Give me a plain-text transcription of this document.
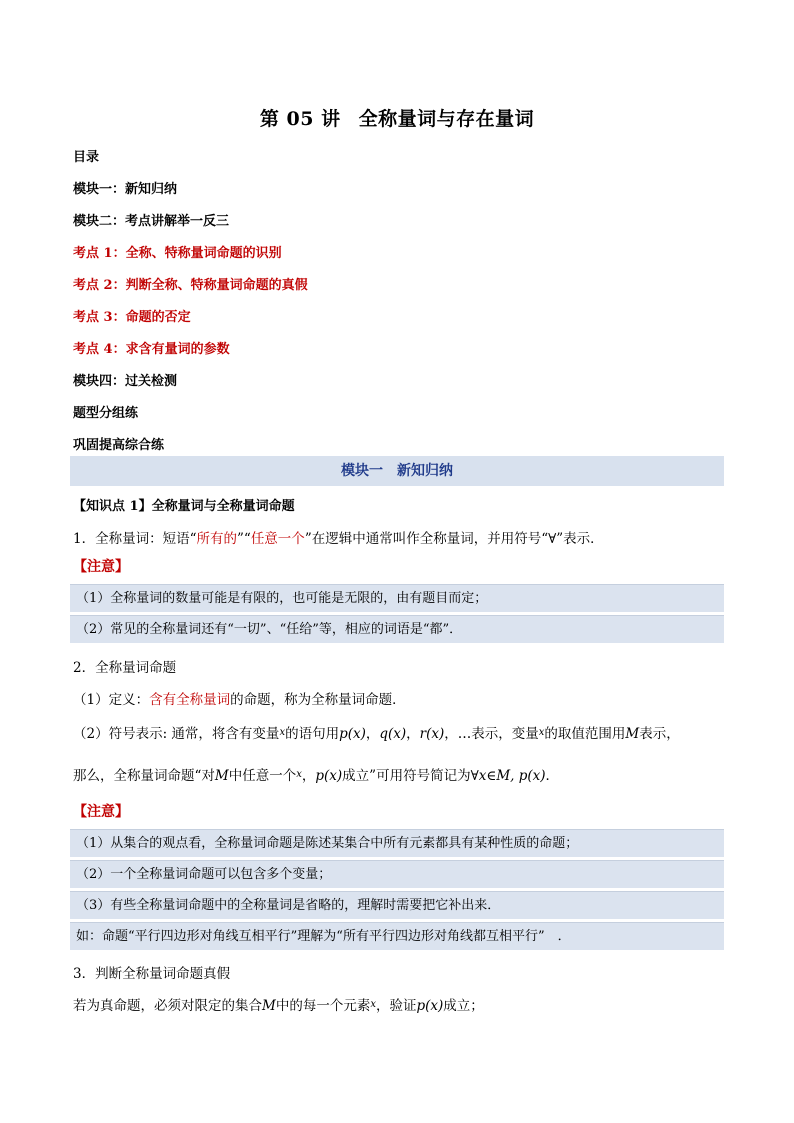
第 05 讲 全称量词与存在量词
目录
模块一：新知归纳
模块二：考点讲解举一反三
考点 1：全称、特称量词命题的识别
考点 2：判断全称、特称量词命题的真假
考点 3：命题的否定
考点 4：求含有量词的参数
模块四：过关检测
题型分组练
巩固提高综合练
模块一　新知归纳
【知识点 1】全称量词与全称量词命题
1．全称量词：短语“所有的”“任意一个”在逻辑中通常叫作全称量词，并用符号“∀”表示．
【注意】
（1）全称量词的数量可能是有限的，也可能是无限的，由有题目而定；
（2）常见的全称量词还有“一切”、“任给”等，相应的词语是“都”．
2．全称量词命题
（1）定义：含有全称量词的命题，称为全称量词命题．
（2）符号表示: 通常，将含有变量$^x$的语句用p(x)，q(x)，r(x)，…表示，变量$^x$的取值范围用M表示，
那么，全称量词命题“对M中任意一个$^x$，p(x)成立”可用符号简记为∀x∈M, p(x)．
【注意】
（1）从集合的观点看，全称量词命题是陈述某集合中所有元素都具有某种性质的命题；
（2）一个全称量词命题可以包含多个变量；
（3）有些全称量词命题中的全称量词是省略的，理解时需要把它补出来．
如：命题“平行四边形对角线互相平行”理解为“所有平行四边形对角线都互相平行”　．
3．判断全称量词命题真假
若为真命题，必须对限定的集合M中的每一个元素$^x$，验证p(x)成立；
